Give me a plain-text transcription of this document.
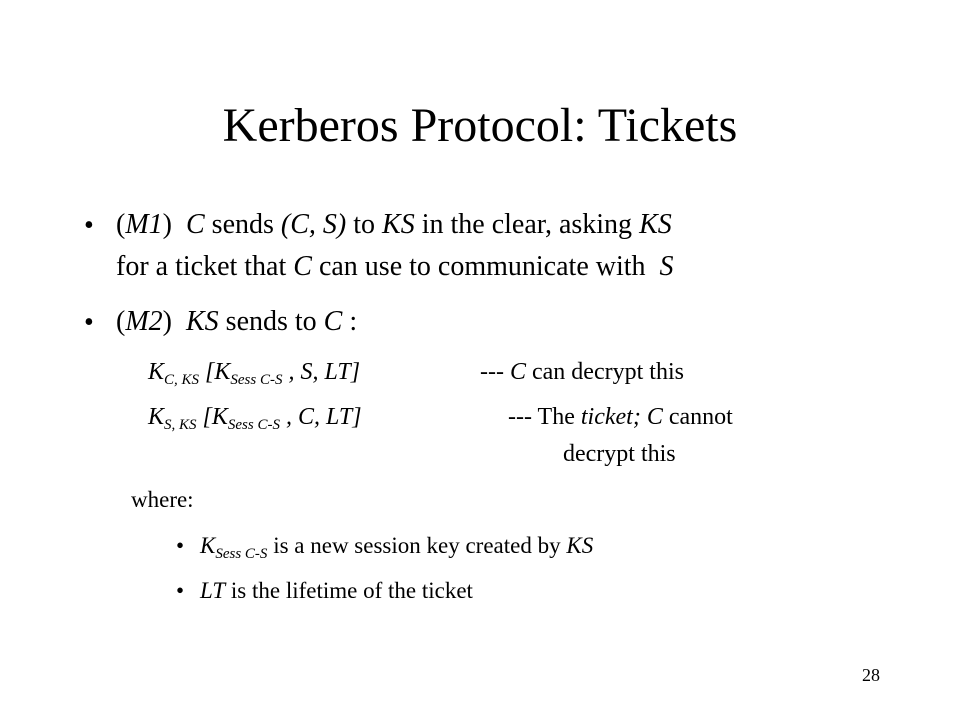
Kerberos Protocol: Tickets
• (M1) C sends (C, S) to KS in the clear, asking KS
for a ticket that C can use to communicate with S
• (M2) KS sends to C :
$K_{C, KS}$ [$K_{Sess C-S}$ , S, LT]	--- C can decrypt this
$K_{S, KS}$ [$K_{Sess C-S}$ , C, LT]	--- The ticket; C cannot
decrypt this
where:
• $K_{Sess C-S}$ is a new session key created by KS
• LT is the lifetime of the ticket
28
